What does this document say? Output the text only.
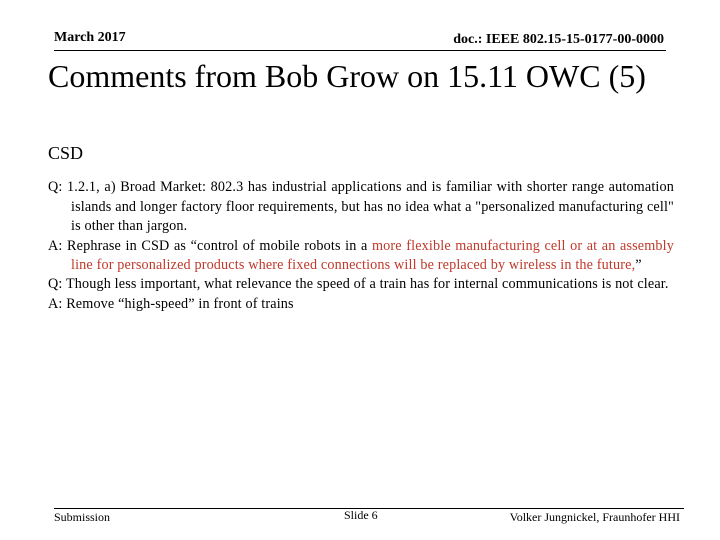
March 2017	doc.: IEEE 802.15-15-0177-00-0000
Comments from Bob Grow on 15.11 OWC (5)
CSD

Q: 1.2.1, a) Broad Market: 802.3 has industrial applications and is familiar with shorter range automation islands and longer factory floor requirements, but has no idea what a "personalized manufacturing cell" is other than jargon.

A: Rephrase in CSD as “control of mobile robots in a more flexible manufacturing cell or at an assembly line for personalized products where fixed connections will be replaced by wireless in the future,”

Q: Though less important, what relevance the speed of a train has for internal communications is not clear.

A: Remove “high-speed” in front of trains

Submission	Slide 6	Volker Jungnickel, Fraunhofer HHI
